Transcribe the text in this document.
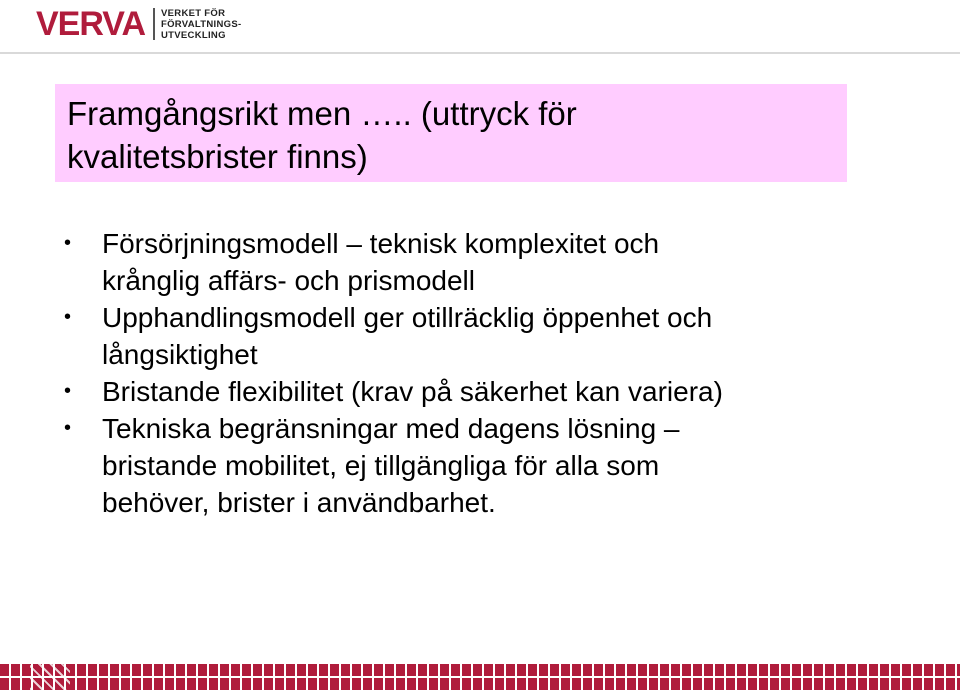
VERVA VERKET FÖR
FÖRVALTNINGS-
UTVECKLING

Framgångsrikt men ….. (uttryck för
kvalitetsbrister finns)

• Försörjningsmodell – teknisk komplexitet och
krånglig affärs- och prismodell
• Upphandlingsmodell ger otillräcklig öppenhet och
långsiktighet
• Bristande flexibilitet (krav på säkerhet kan variera)
• Tekniska begränsningar med dagens lösning –
bristande mobilitet, ej tillgängliga för alla som
behöver, brister i användbarhet.
